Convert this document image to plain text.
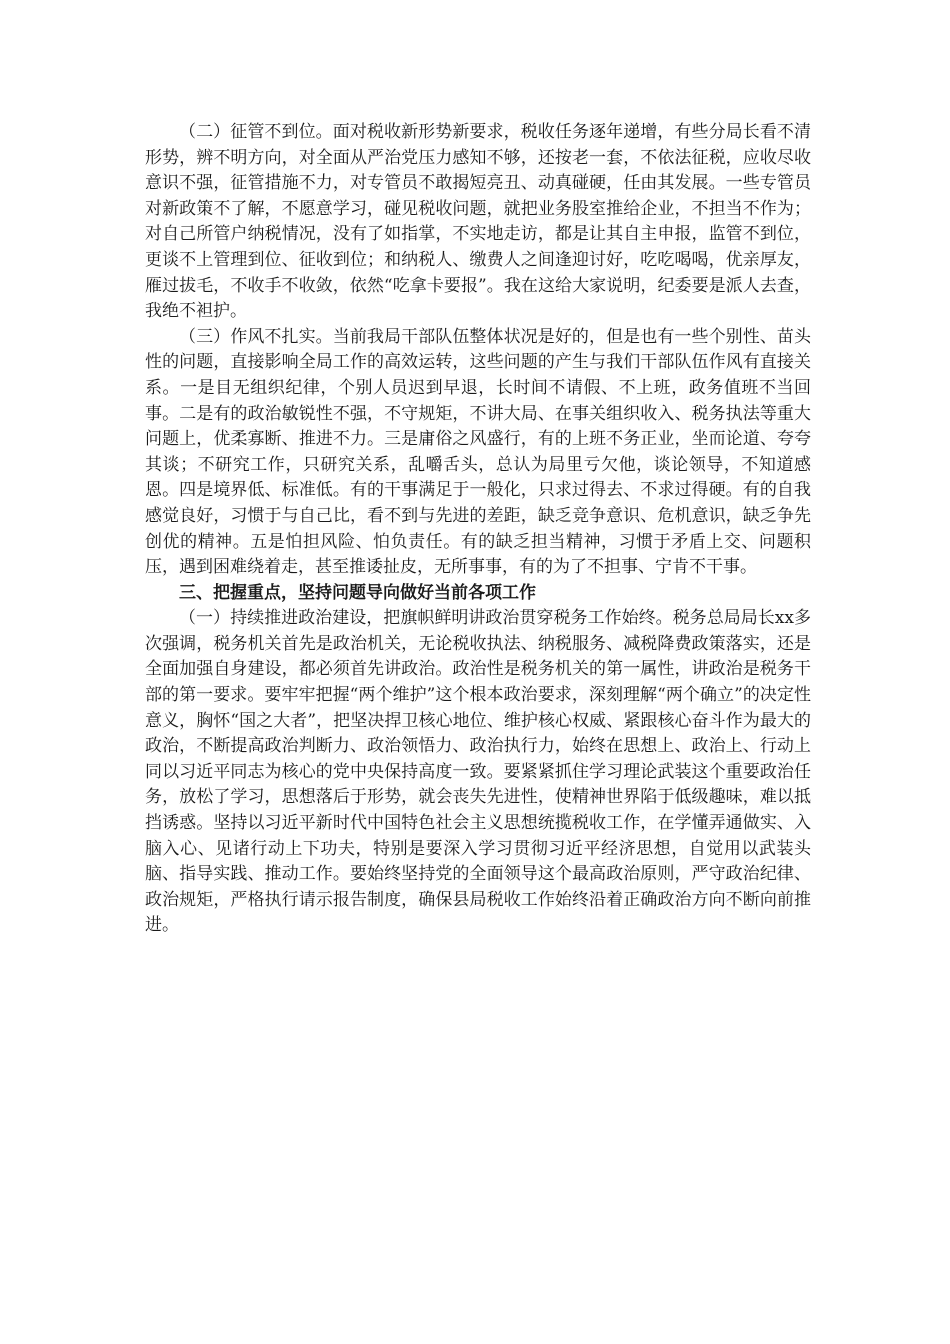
（二）征管不到位。面对税收新形势新要求，税收任务逐年递增，有些分局长看不清形势，辨不明方向，对全面从严治党压力感知不够，还按老一套，不依法征税，应收尽收意识不强，征管措施不力，对专管员不敢揭短亮丑、动真碰硬，任由其发展。一些专管员对新政策不了解，不愿意学习，碰见税收问题，就把业务股室推给企业，不担当不作为；对自己所管户纳税情况，没有了如指掌，不实地走访，都是让其自主申报，监管不到位，更谈不上管理到位、征收到位；和纳税人、缴费人之间逢迎讨好，吃吃喝喝，优亲厚友，雁过拔毛，不收手不收敛，依然“吃拿卡要报”。我在这给大家说明，纪委要是派人去查，我绝不袒护。

（三）作风不扎实。当前我局干部队伍整体状况是好的，但是也有一些个别性、苗头性的问题，直接影响全局工作的高效运转，这些问题的产生与我们干部队伍作风有直接关系。一是目无组织纪律，个别人员迟到早退，长时间不请假、不上班，政务值班不当回事。二是有的政治敏锐性不强，不守规矩，不讲大局、在事关组织收入、税务执法等重大问题上，优柔寡断、推进不力。三是庸俗之风盛行，有的上班不务正业，坐而论道、夸夸其谈；不研究工作，只研究关系，乱嚼舌头，总认为局里亏欠他，谈论领导，不知道感恩。四是境界低、标准低。有的干事满足于一般化，只求过得去、不求过得硬。有的自我感觉良好，习惯于与自己比，看不到与先进的差距，缺乏竞争意识、危机意识，缺乏争先创优的精神。五是怕担风险、怕负责任。有的缺乏担当精神，习惯于矛盾上交、问题积压，遇到困难绕着走，甚至推诿扯皮，无所事事，有的为了不担事、宁肯不干事。

三、把握重点，坚持问题导向做好当前各项工作

（一）持续推进政治建设，把旗帜鲜明讲政治贯穿税务工作始终。税务总局局长xx多次强调，税务机关首先是政治机关，无论税收执法、纳税服务、减税降费政策落实，还是全面加强自身建设，都必须首先讲政治。政治性是税务机关的第一属性，讲政治是税务干部的第一要求。要牢牢把握“两个维护”这个根本政治要求，深刻理解“两个确立”的决定性意义，胸怀“国之大者”，把坚决捍卫核心地位、维护核心权威、紧跟核心奋斗作为最大的政治，不断提高政治判断力、政治领悟力、政治执行力，始终在思想上、政治上、行动上同以习近平同志为核心的党中央保持高度一致。要紧紧抓住学习理论武装这个重要政治任务，放松了学习，思想落后于形势，就会丧失先进性，使精神世界陷于低级趣味，难以抵挡诱惑。坚持以习近平新时代中国特色社会主义思想统揽税收工作，在学懂弄通做实、入脑入心、见诸行动上下功夫，特别是要深入学习贯彻习近平经济思想，自觉用以武装头脑、指导实践、推动工作。要始终坚持党的全面领导这个最高政治原则，严守政治纪律、政治规矩，严格执行请示报告制度，确保县局税收工作始终沿着正确政治方向不断向前推进。
